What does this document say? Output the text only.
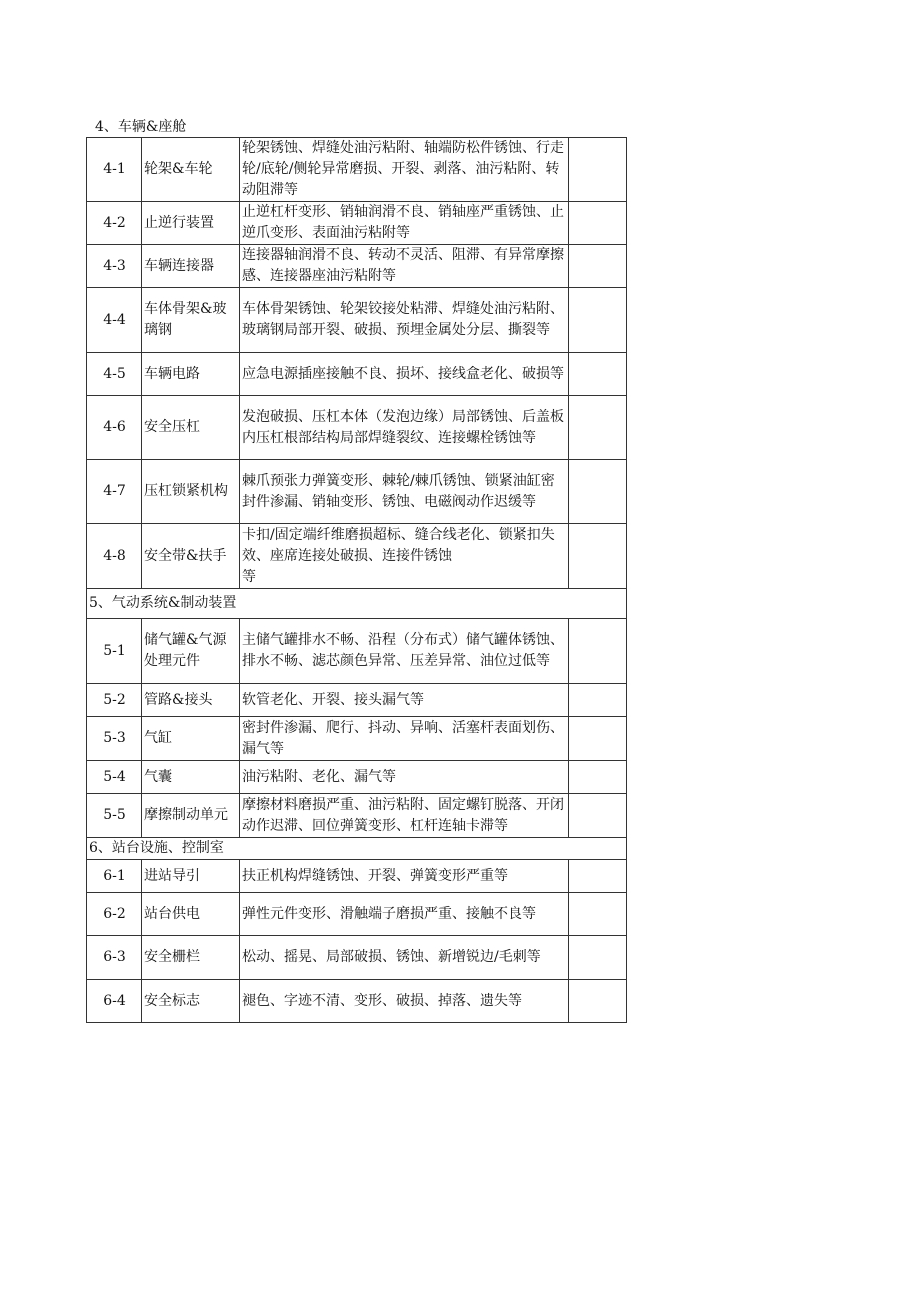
4、车辆&座舱
4-1	轮架&车轮	轮架锈蚀、焊缝处油污粘附、轴端防松件锈蚀、行走轮/底轮/侧轮异常磨损、开裂、剥落、油污粘附、转动阻滞等	
4-2	止逆行装置	止逆杠杆变形、销轴润滑不良、销轴座严重锈蚀、止逆爪变形、表面油污粘附等	
4-3	车辆连接器	连接器轴润滑不良、转动不灵活、阻滞、有异常摩擦感、连接器座油污粘附等	
4-4	车体骨架&玻璃钢	车体骨架锈蚀、轮架铰接处粘滞、焊缝处油污粘附、玻璃钢局部开裂、破损、预埋金属处分层、撕裂等	
4-5	车辆电路	应急电源插座接触不良、损坏、接线盒老化、破损等	
4-6	安全压杠	发泡破损、压杠本体（发泡边缘）局部锈蚀、后盖板内压杠根部结构局部焊缝裂纹、连接螺栓锈蚀等	
4-7	压杠锁紧机构	棘爪预张力弹簧变形、棘轮/棘爪锈蚀、锁紧油缸密封件渗漏、销轴变形、锈蚀、电磁阀动作迟缓等	
4-8	安全带&扶手	卡扣/固定端纤维磨损超标、缝合线老化、锁紧扣失效、座席连接处破损、连接件锈蚀
等	
5、气动系统&制动装置			
5-1	储气罐&气源处理元件	主储气罐排水不畅、沿程（分布式）储气罐体锈蚀、排水不畅、滤芯颜色异常、压差异常、油位过低等	
5-2	管路&接头	软管老化、开裂、接头漏气等	
5-3	气缸	密封件渗漏、爬行、抖动、异响、活塞杆表面划伤、漏气等	
5-4	气囊	油污粘附、老化、漏气等	
5-5	摩擦制动单元	摩擦材料磨损严重、油污粘附、固定螺钉脱落、开闭动作迟滞、回位弹簧变形、杠杆连轴卡滞等	
6、站台设施、控制室			
6-1	进站导引	扶正机构焊缝锈蚀、开裂、弹簧变形严重等	
6-2	站台供电	弹性元件变形、滑触端子磨损严重、接触不良等	
6-3	安全栅栏	松动、摇晃、局部破损、锈蚀、新增锐边/毛刺等	
6-4	安全标志	褪色、字迹不清、变形、破损、掉落、遗失等	
